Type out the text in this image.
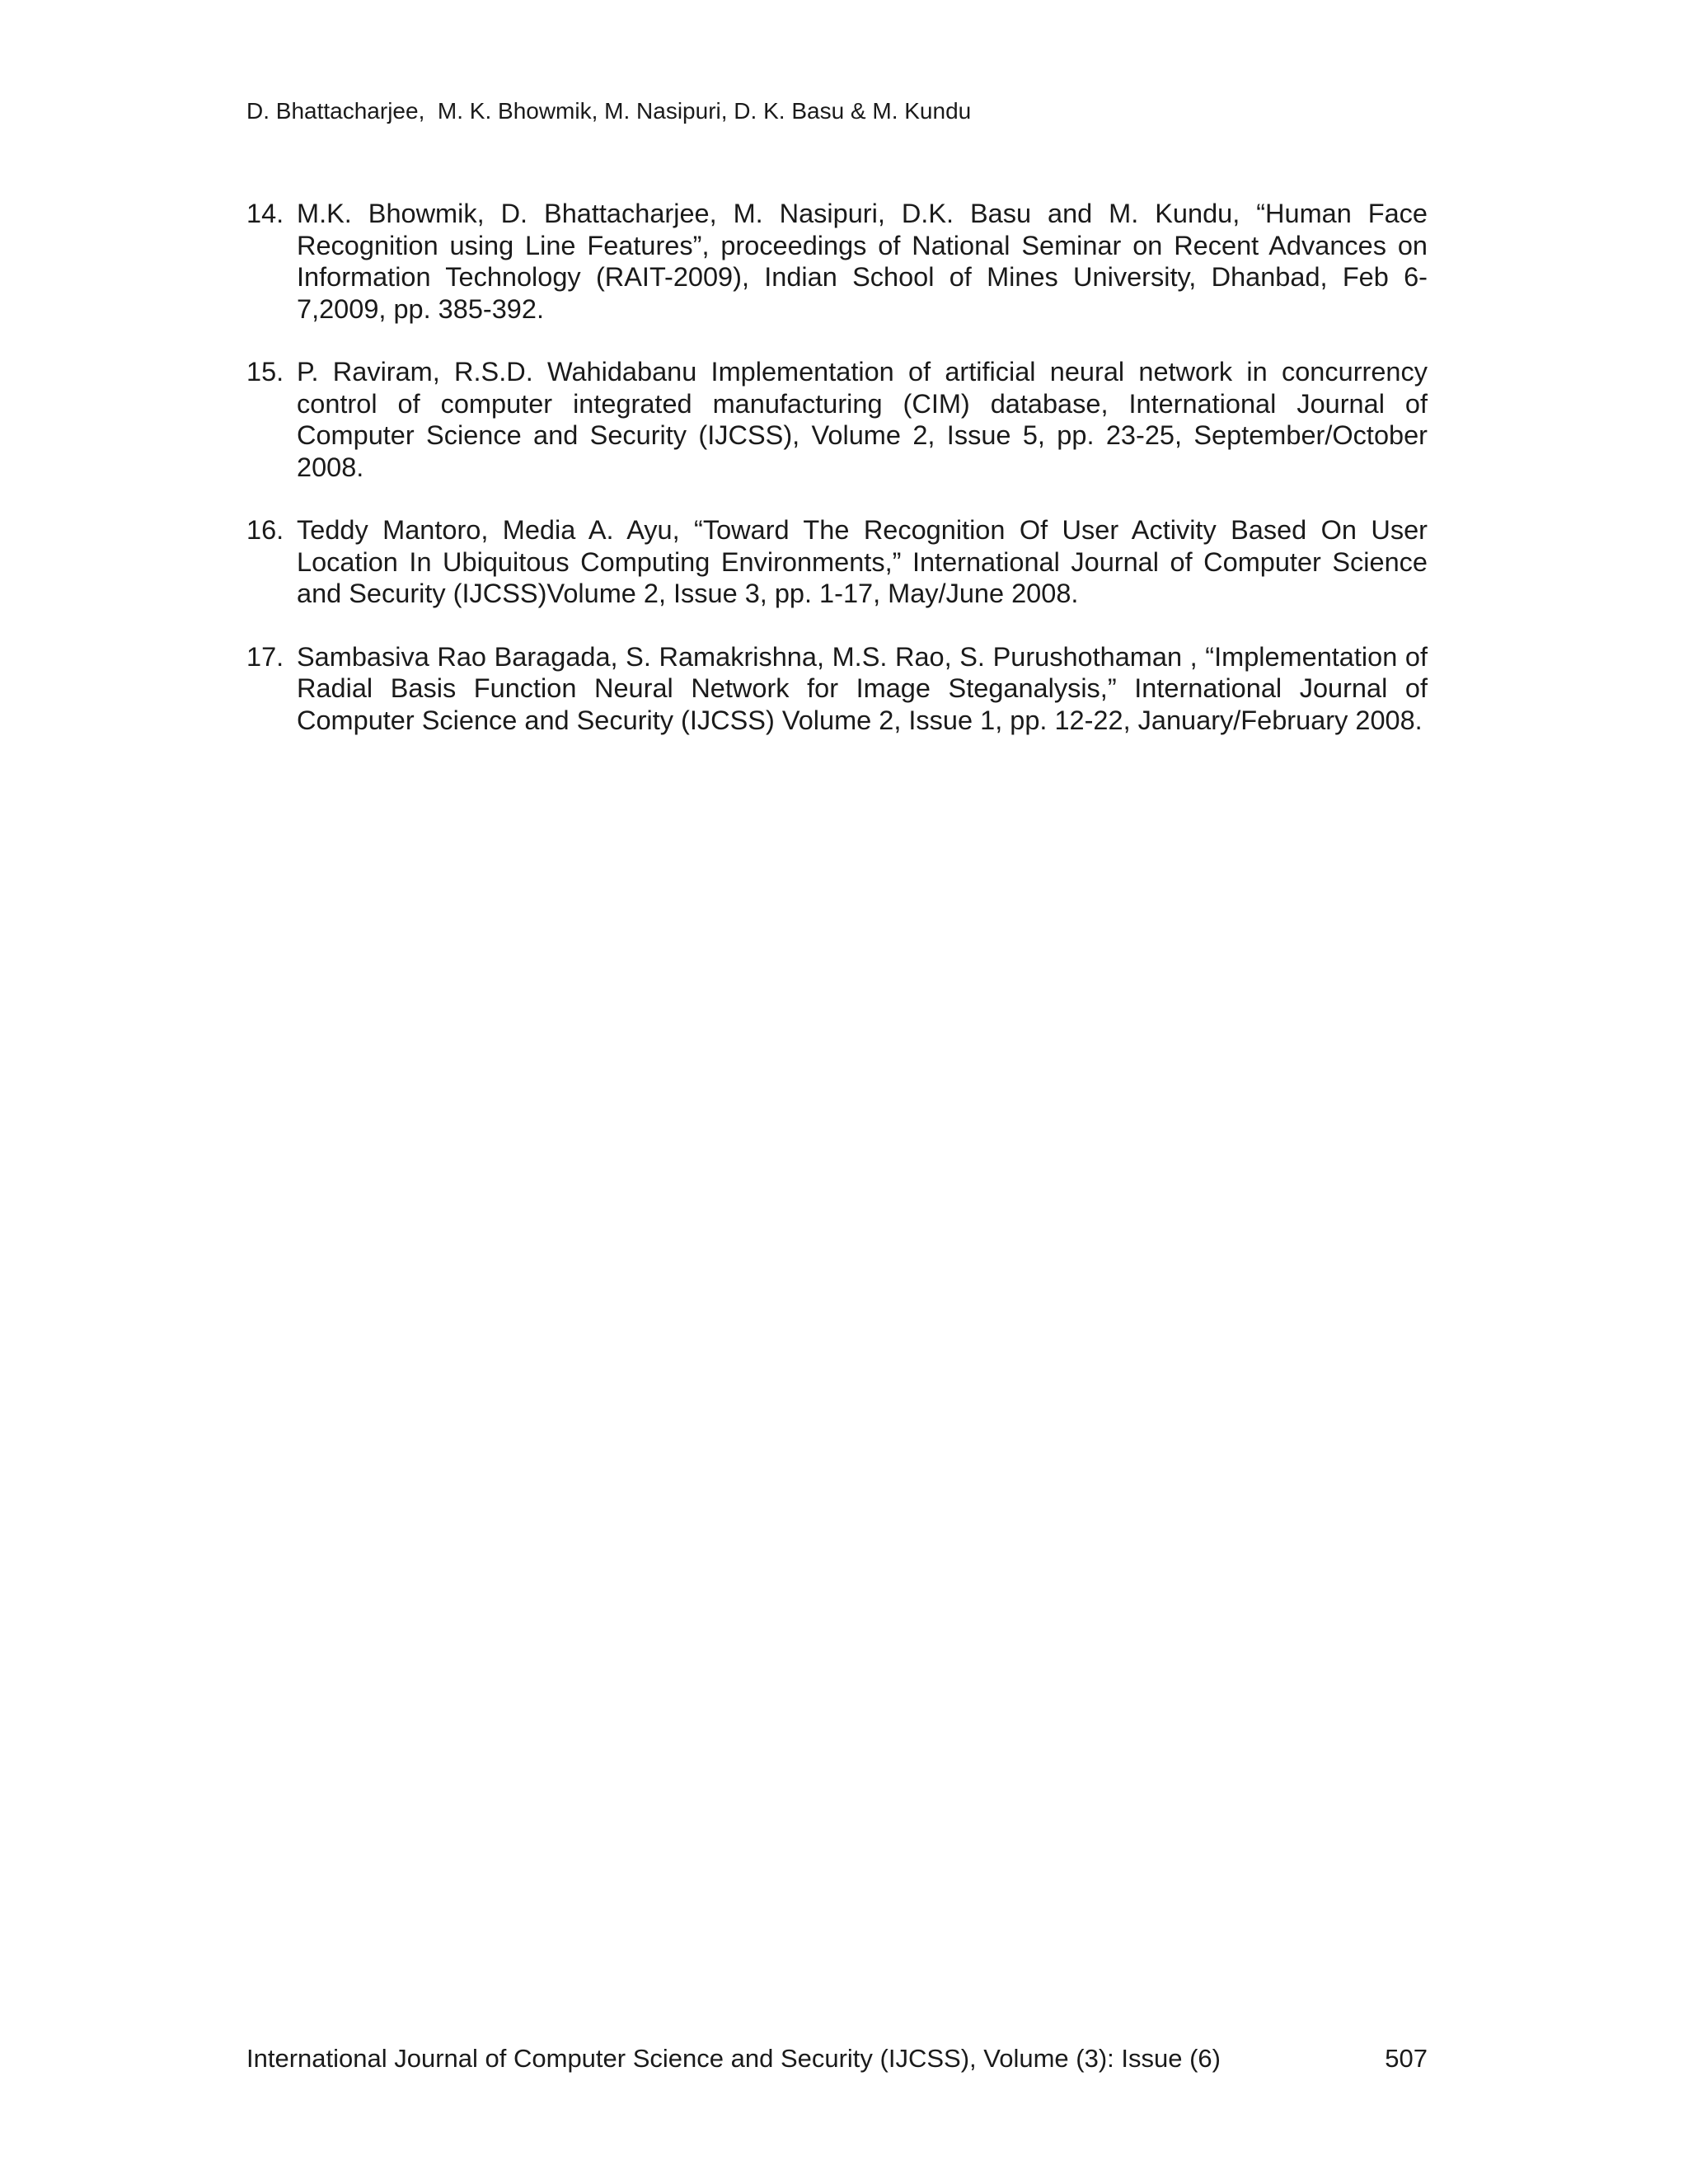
D. Bhattacharjee,  M. K. Bhowmik, M. Nasipuri, D. K. Basu & M. Kundu
14. M.K. Bhowmik, D. Bhattacharjee, M. Nasipuri, D.K. Basu and M. Kundu, “Human Face Recognition using Line Features”, proceedings of National Seminar on Recent Advances on Information Technology (RAIT-2009), Indian School of Mines University, Dhanbad, Feb 6-7,2009, pp. 385-392.
15. P. Raviram, R.S.D. Wahidabanu Implementation of artificial neural network in concurrency control of computer integrated manufacturing (CIM) database, International Journal of Computer Science and Security (IJCSS), Volume 2, Issue 5, pp. 23-25, September/October 2008.
16. Teddy Mantoro, Media A. Ayu, “Toward The Recognition Of User Activity Based On User Location In Ubiquitous Computing Environments,” International Journal of Computer Science and Security (IJCSS)Volume 2, Issue 3, pp. 1-17, May/June 2008.
17. Sambasiva Rao Baragada, S. Ramakrishna, M.S. Rao, S. Purushothaman , “Implementation of Radial Basis Function Neural Network for Image Steganalysis,” International Journal of Computer Science and Security (IJCSS) Volume 2, Issue 1, pp. 12-22, January/February 2008.
International Journal of Computer Science and Security (IJCSS), Volume (3): Issue (6)	507
